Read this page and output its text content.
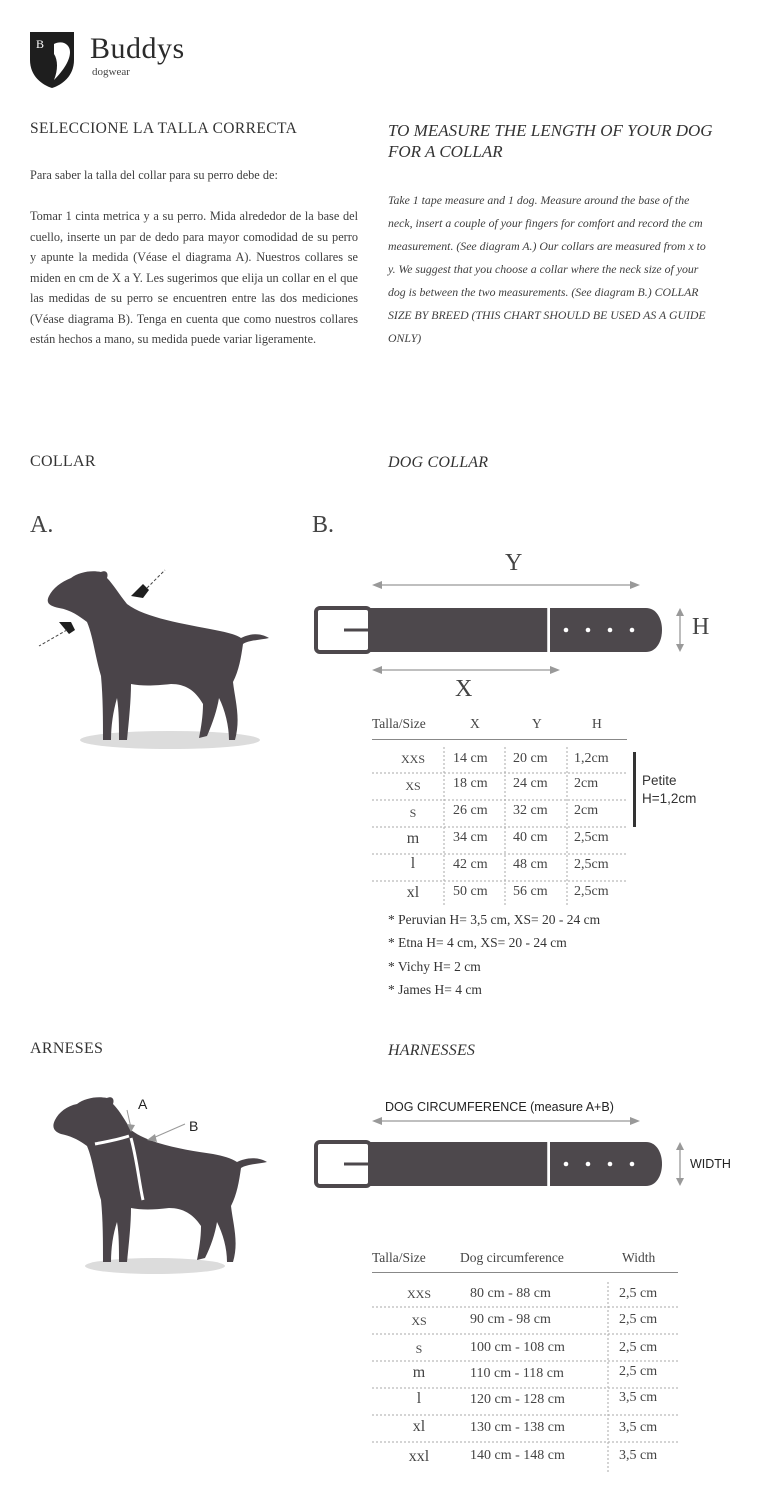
B Buddys
dogwear
SELECCIONE LA TALLA CORRECTA	TO MEASURE THE LENGTH OF YOUR DOG FOR A COLLAR
Para saber la talla del collar para su perro debe de:
Tomar 1 cinta metrica y a su perro. Mida alrededor de la base del cuello, inserte un par de dedo para mayor comodidad de su perro y apunte la medida (Véase el diagrama A). Nuestros collares se miden en cm de X a Y. Les sugerimos que elija un collar en el que las medidas de su perro se encuentren entre las dos mediciones (Véase diagrama B). Tenga en cuenta que como nuestros collares están hechos a mano, su medida puede variar ligeramente.
Take 1 tape measure and 1 dog. Measure around the base of the neck, insert a couple of your fingers for comfort and record the cm measurement. (See diagram A.) Our collars are measured from x to y. We suggest that you choose a collar where the neck size of your dog is between the two measurements. (See diagram B.) COLLAR SIZE BY BREED (THIS CHART SHOULD BE USED AS A GUIDE ONLY)
COLLAR	DOG COLLAR
A.	B.
Y
H
X
Talla/Size	X	Y	H
XXS	14 cm 20 cm 1,2cm
XS	18 cm 24 cm 2cm
S	26 cm 32 cm 2cm
m	34 cm 40 cm 2,5cm
l	42 cm 48 cm 2,5cm
xl	50 cm 56 cm 2,5cm
Petite
H=1,2cm
* Peruvian H= 3,5 cm, XS= 20 - 24 cm
* Etna H= 4 cm, XS= 20 - 24 cm
* Vichy H= 2 cm
* James H= 4 cm
ARNESES	HARNESSES
A
B
DOG CIRCUMFERENCE (measure A+B)
WIDTH
Talla/Size	Dog circumference	Width
XXS	80 cm - 88 cm	2,5 cm
XS	90 cm - 98 cm	2,5 cm
S	100 cm - 108 cm	2,5 cm
m	110 cm - 118 cm	2,5 cm
l	120 cm - 128 cm	3,5 cm
xl	130 cm - 138 cm	3,5 cm
xxl	140 cm - 148 cm	3,5 cm
